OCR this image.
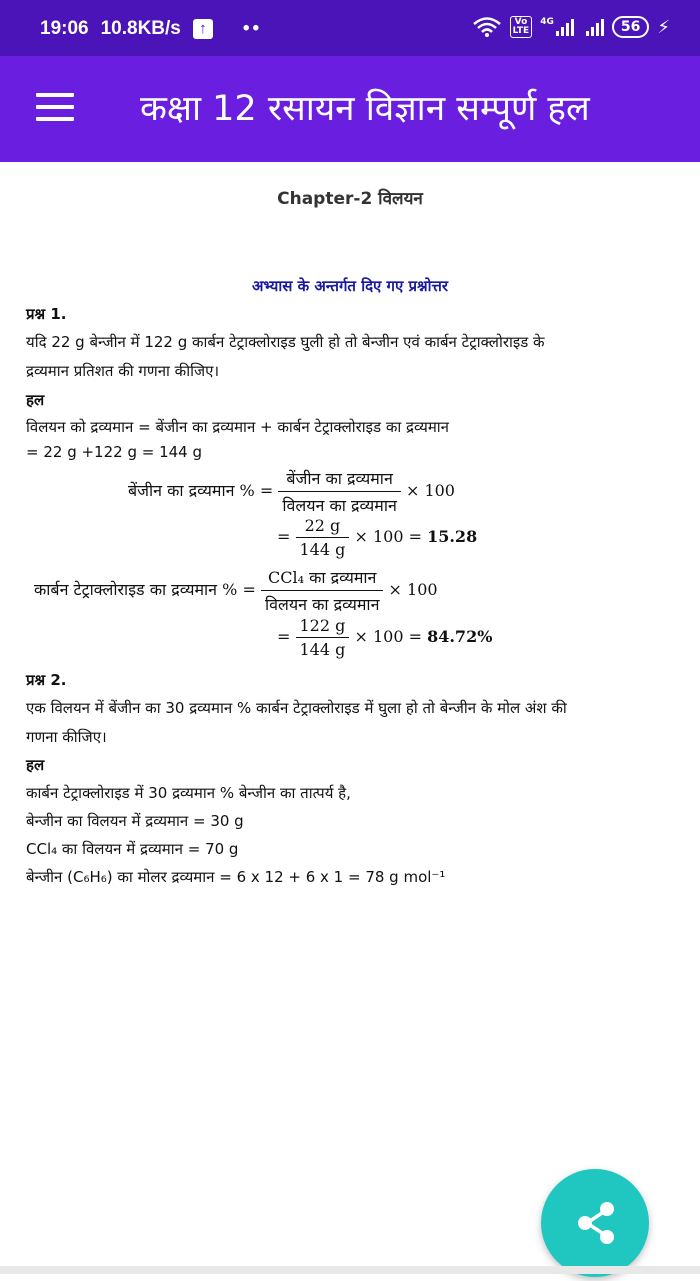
19:06 10.8KB/s	↑	••	Vo
LTE
4G	56 ⚡
कक्षा 12 रसायन विज्ञान सम्पूर्ण हल
Chapter-2 विलयन
अभ्यास के अन्तर्गत दिए गए प्रश्नोत्तर
प्रश्न 1.
यदि 22 g बेन्जीन में 122 g कार्बन टेट्राक्लोराइड घुली हो तो बेन्जीन एवं कार्बन टेट्राक्लोराइड के
द्रव्यमान प्रतिशत की गणना कीजिए।
हल
विलयन को द्रव्यमान = बेंजीन का द्रव्यमान + कार्बन टेट्राक्लोराइड का द्रव्यमान
= 22 g +122 g = 144 g
बेंजीन का द्रव्यमान % = $\frac{\text{बेंजीन का द्रव्यमान}}{\text{विलयन का द्रव्यमान}} \times 100$
= $\frac{22 g}{144 g} \times 100 = 15.28$
कार्बन टेट्राक्लोराइड का द्रव्यमान % = $\frac{\text{CCl₄ का द्रव्यमान}}{\text{विलयन का द्रव्यमान}} \times 100$
= $\frac{122 g}{144 g} \times 100 = 84.72\%$
प्रश्न 2.
एक विलयन में बेंजीन का 30 द्रव्यमान % कार्बन टेट्राक्लोराइड में घुला हो तो बेन्जीन के मोल अंश की
गणना कीजिए।
हल
कार्बन टेट्राक्लोराइड में 30 द्रव्यमान % बेन्जीन का तात्पर्य है,
बेन्जीन का विलयन में द्रव्यमान = 30 g
CCl₄ का विलयन में द्रव्यमान = 70 g
बेन्जीन (C₆H₆) का मोलर द्रव्यमान = 6 x 12 + 6 x 1 = 78 g mol⁻¹
